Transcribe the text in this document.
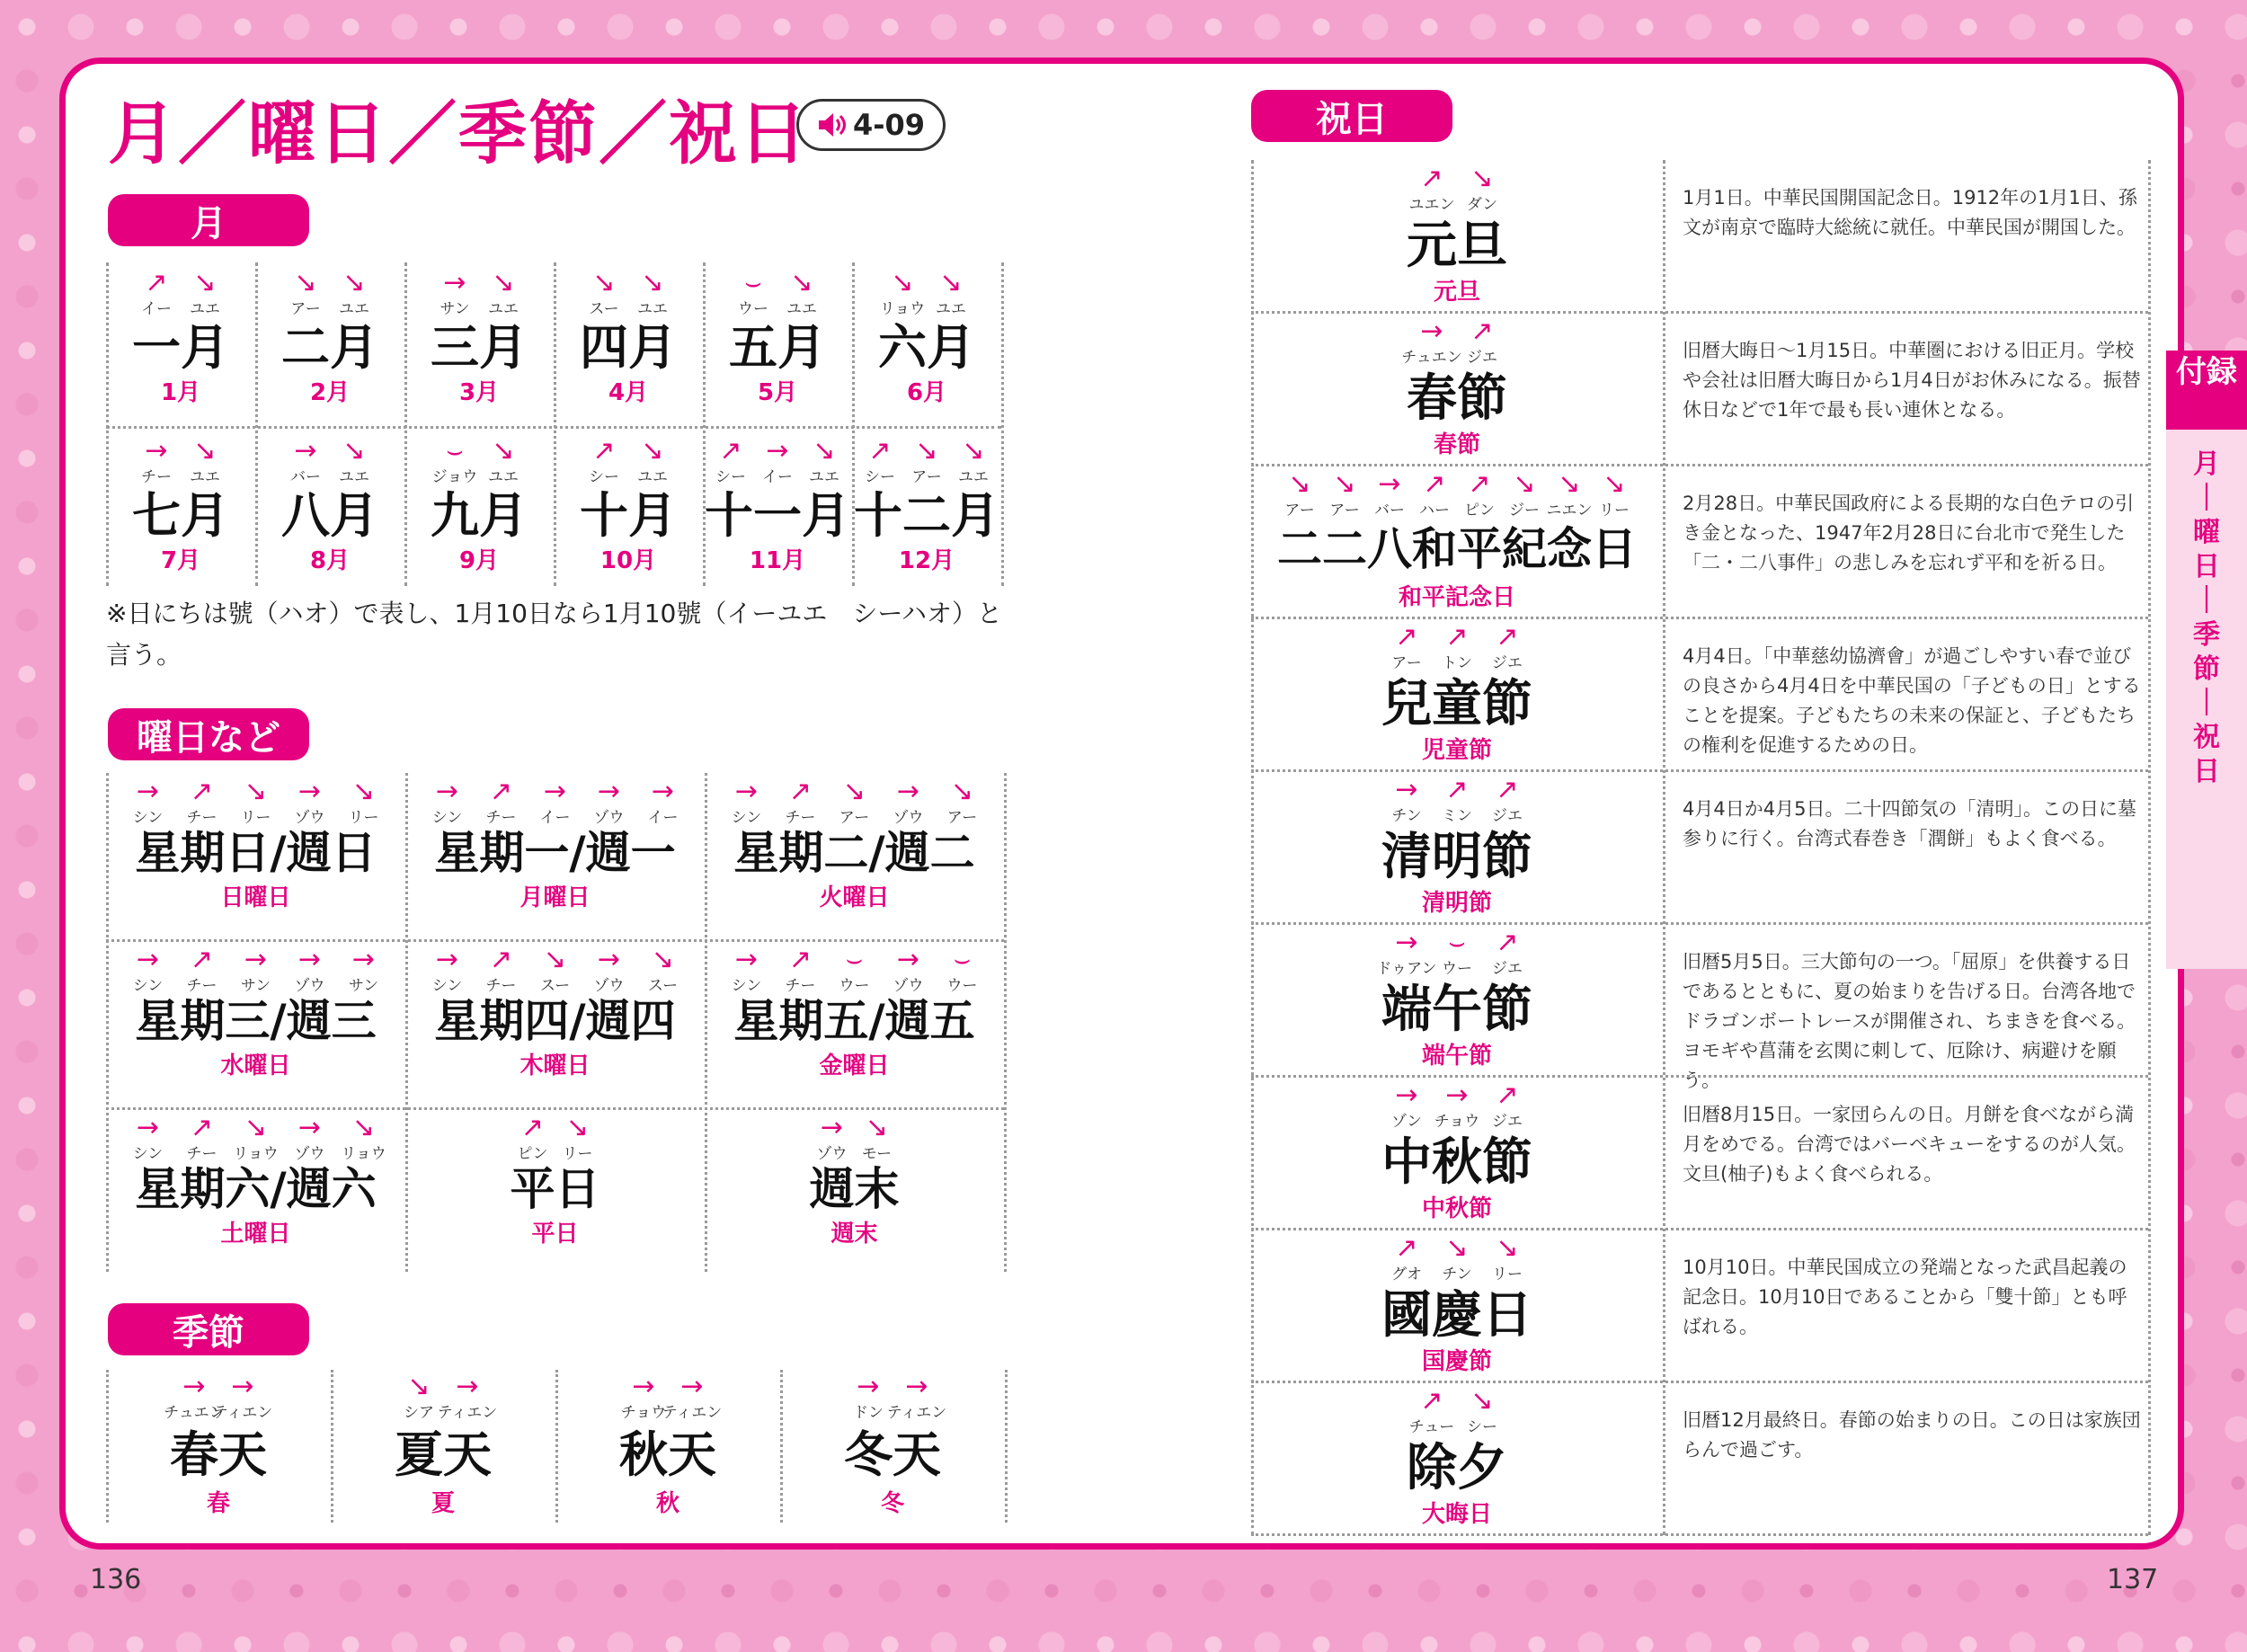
月／曜日／季節／祝日 4-09
月
曜日など
季節
祝日
↗
イー
↘
ユエ
一月
1月
↘
アー
↘
ユエ
二月
2月
→
サン
↘
ユエ
三月
3月
↘
スー
↘
ユエ
四月
4月
⌣
ウー
↘
ユエ
五月
5月
↘
リョウ
↘
ユエ
六月
6月
→
チー
↘
ユエ
七月
7月
→
バー
↘
ユエ
八月
8月
⌣
ジョウ
↘
ユエ
九月
9月
↗
シー
↘
ユエ
十月
10月
↗
シー
→
イー
↘
ユエ
十一月
11月
↗
シー
↘
アー
↘
ユエ
十二月
12月
※日にちは號（ハオ）で表し、1月10日なら1月10號（イーユエ　シーハオ）と言う。
→
シン
↗
チー
↘
リー
→
ゾウ
↘
リー
星期日/週日
日曜日
→
シン
↗
チー
→
イー
→
ゾウ
→
イー
星期一/週一
月曜日
→
シン
↗
チー
↘
アー
→
ゾウ
↘
アー
星期二/週二
火曜日
→
シン
↗
チー
→
サン
→
ゾウ
→
サン
星期三/週三
水曜日
→
シン
↗
チー
↘
スー
→
ゾウ
↘
スー
星期四/週四
木曜日
→
シン
↗
チー
⌣
ウー
→
ゾウ
⌣
ウー
星期五/週五
金曜日
→
シン
↗
チー
↘
リョウ
→
ゾウ
↘
リョウ
星期六/週六
土曜日
↗
ピン
↘
リー
平日
平日
→
ゾウ
↘
モー
週末
週末
→
チュエン
→
ティエン
春天
春
↘
シア
→
ティエン
夏天
夏
→
チョウ
→
ティエン
秋天
秋
→
ドン
→
ティエン
冬天
冬
↗
ユエン
↘
ダン
元旦
元旦
1月1日。中華民国開国記念日。1912年の1月1日、孫文が南京で臨時大総統に就任。中華民国が開国した。
→
チュエン
↗
ジエ
春節
春節
旧暦大晦日～1月15日。中華圏における旧正月。学校や会社は旧暦大晦日から1月4日がお休みになる。振替休日などで1年で最も長い連休となる。
↘
アー
↘
アー
→
バー
↗
ハー
↗
ピン
↘
ジー
↘
ニエン
↘
リー
二二八和平紀念日
和平記念日
2月28日。中華民国政府による長期的な白色テロの引き金となった、1947年2月28日に台北市で発生した「二・二八事件」の悲しみを忘れず平和を祈る日。
↗
アー
↗
トン
↗
ジエ
兒童節
児童節
4月4日。「中華慈幼協濟會」が過ごしやすい春で並びの良さから4月4日を中華民国の「子どもの日」とすることを提案。子どもたちの未来の保証と、子どもたちの権利を促進するための日。
→
チン
↗
ミン
↗
ジエ
清明節
清明節
4月4日か4月5日。二十四節気の「清明」。この日に墓参りに行く。台湾式春巻き「潤餅」もよく食べる。
→
ドゥアン
⌣
ウー
↗
ジエ
端午節
端午節
旧暦5月5日。三大節句の一つ。「屈原」を供養する日であるとともに、夏の始まりを告げる日。台湾各地でドラゴンボートレースが開催され、ちまきを食べる。ヨモギや菖蒲を玄関に刺して、厄除け、病避けを願う。
→
ゾン
→
チョウ
↗
ジエ
中秋節
中秋節
旧暦8月15日。一家団らんの日。月餅を食べながら満月をめでる。台湾ではバーベキューをするのが人気。文旦(柚子)もよく食べられる。
↗
グオ
↘
チン
↘
リー
國慶日
国慶節
10月10日。中華民国成立の発端となった武昌起義の記念日。10月10日であることから「雙十節」とも呼ばれる。
↗
チュー
↘
シー
除夕
大晦日
旧暦12月最終日。春節の始まりの日。この日は家族団らんで過ごす。
付録
月
｜
曜
日
｜
季
節
｜
祝
日
136	137
